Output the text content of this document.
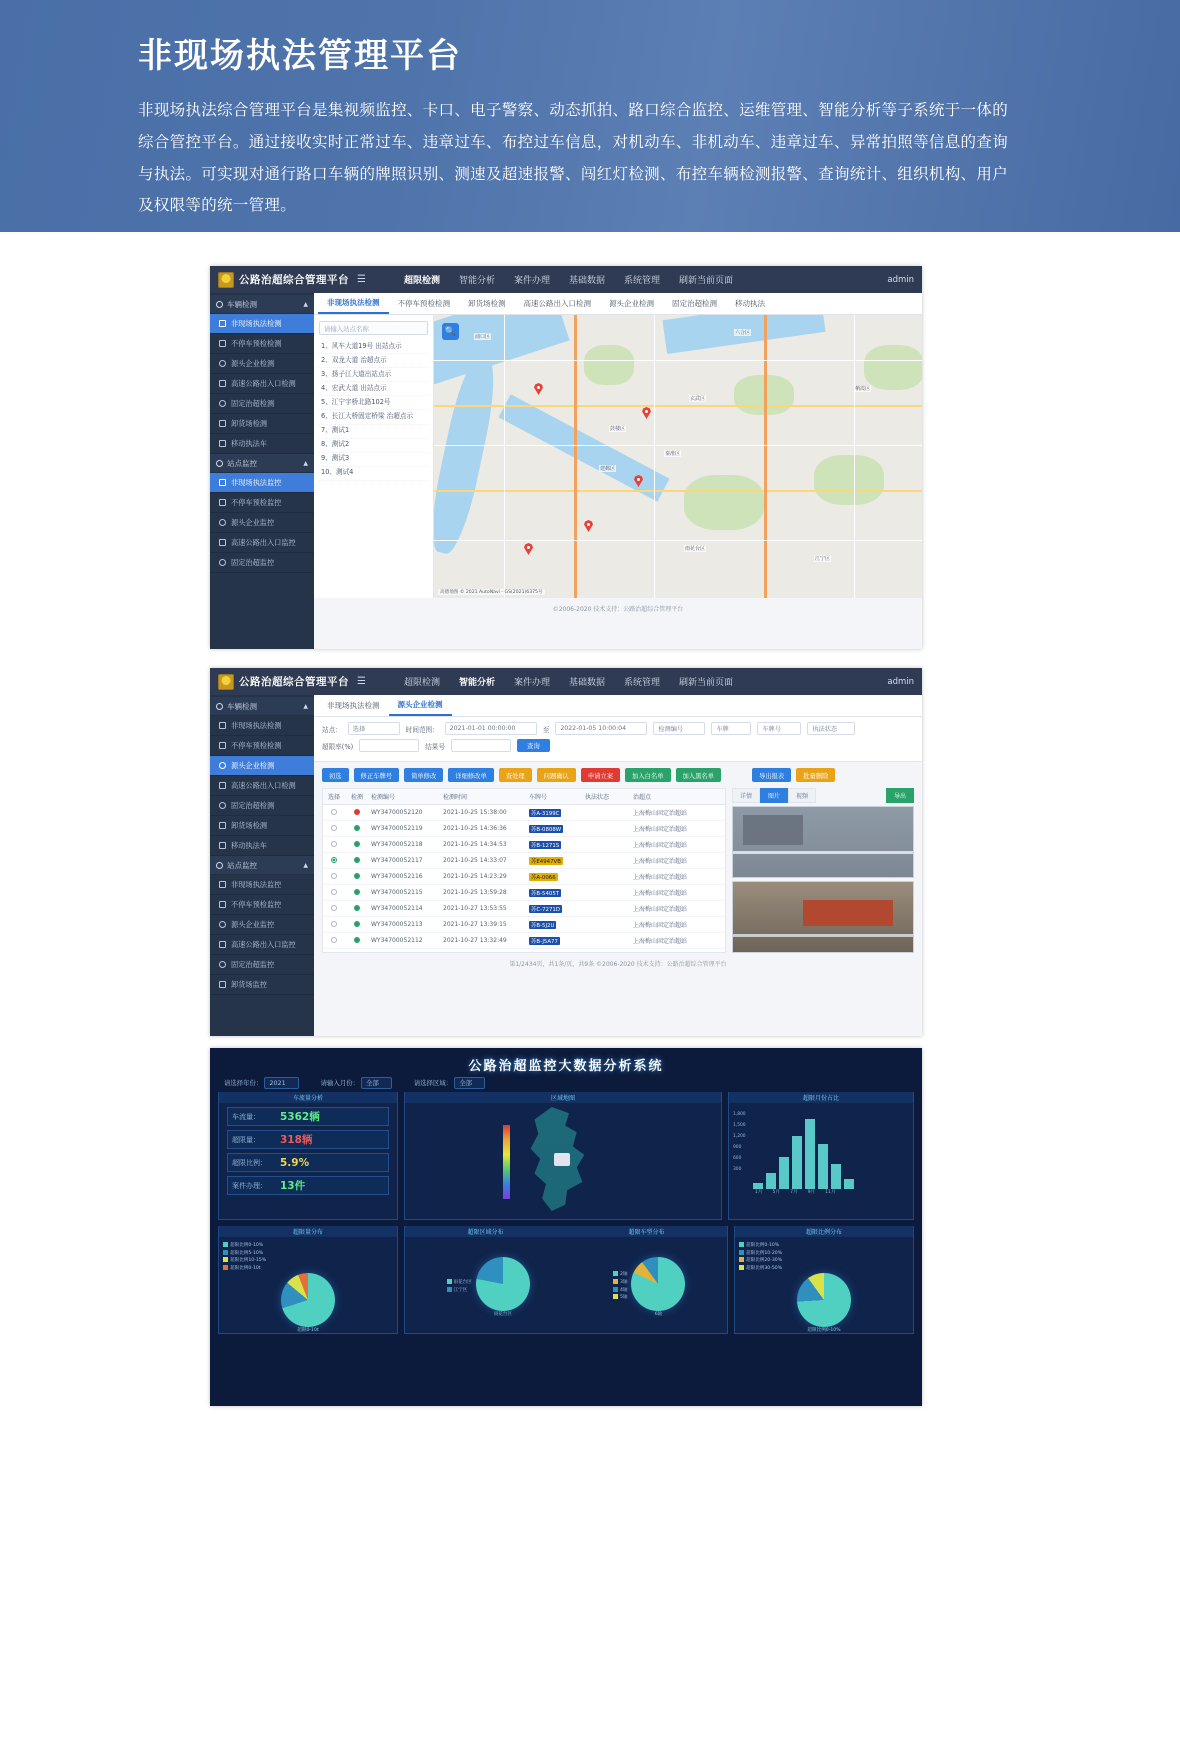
非现场执法管理平台

非现场执法综合管理平台是集视频监控、卡口、电子警察、动态抓拍、路口综合监控、运维管理、智能分析等子系统于一体的综合管控平台。通过接收实时正常过车、违章过车、布控过车信息，对机动车、非机动车、违章过车、异常拍照等信息的查询与执法。可实现对通行路口车辆的牌照识别、测速及超速报警、闯红灯检测、布控车辆检测报警、查询统计、组织机构、用户及权限等的统一管理。

公路治超综合管理平台 ☰	超限检测 智能分析 案件办理 基础数据 系统管理 刷新当前页面	admin
车辆检测	▲
非现场执法检测
不停车预检检测
源头企业检测
高速公路出入口检测
固定治超检测
卸货场检测
移动执法车
站点监控	▲
非现场执法监控
不停车预检监控
源头企业监控
高速公路出入口监控
固定治超监控
非现场执法检测	不停车预检检测	卸货场检测	高速公路出入口检测	源头企业检测	固定治超检测	移动执法
请输入站点名称
1、风车大道19号 出站点示
2、双龙大道 治超点示
3、扬子江大道出站点示
4、宏武大道 出站点示
5、江宁宇桥北路102号
6、长江大桥固定桥梁 治超点示
7、测试1
8、测试2
9、测试3
10、测试4
浦口区
六合区
栖霞区
雨花台区
江宁区
鼓楼区
玄武区
建邺区
秦淮区
🔍
高德地图 © 2021 AutoNavi - GS(2021)6375号
©2006-2020 技术支持：公路治超综合管理平台
公路治超综合管理平台 ☰	超限检测 智能分析 案件办理 基础数据 系统管理 刷新当前页面	admin
车辆检测	▲
非现场执法检测
不停车预检检测
源头企业检测
高速公路出入口检测
固定治超检测
卸货场检测
移动执法车
站点监控	▲
非现场执法监控
不停车预检监控
源头企业监控
高速公路出入口监控
固定治超监控
卸货场监控
非现场执法检测	源头企业检测
站点：	选择	时间范围：	2021-01-01 00:00:00	至	2022-01-05 10:00:04	检测编号	车牌	车牌号	执法状态
超限率(%)	结果号	查询
初选	修正车牌号	简单修改	详细修改单	查处理	问题确认	申请立案	加入白名单	加入黑名单	导出报表	批量删除
选择	检测	检测编号	检测时间	车牌号	执法状态	治超点
WY34700052120	2021-10-25 15:38:00	苏A-3199C	上海梅山固定治超站
WY34700052119	2021-10-25 14:36:36	苏B-0808W	上海梅山固定治超站
WY34700052118	2021-10-25 14:34:53	苏B-1271S	上海梅山固定治超站
WY34700052117	2021-10-25 14:33:07	苏E4947VB	上海梅山固定治超站
WY34700052116	2021-10-25 14:23:29	苏A-0066	上海梅山固定治超站
WY34700052115	2021-10-25 13:59:28	苏B-5405T	上海梅山固定治超站
WY34700052114	2021-10-27 13:53:55	苏C-7271D	上海梅山固定治超站
WY34700052113	2021-10-27 13:39:15	苏B-5J2U	上海梅山固定治超站
WY34700052112	2021-10-27 13:32:49	苏B-J5A77	上海梅山固定治超站
详情	图片	视频	导出
第1/2434页，共1条/页，共9条 ©2006-2020 技术支持：公路治超综合管理平台
公路治超监控大数据分析系统
请选择年份： 2021	请输入月份： 全部	请选择区域： 全部
车流量分析
车流量：	5362辆
超限量：	318辆
超限比例：	5.9%
案件办理：	13件
区域地图	超限月份占比
1,800
1,500
1,200
900
600
300
1月 5月 7月 9月 11月
超限量分布
超限比例0-10%
超限比例5-10%
超限比例10-15%
超限比例0-10t
超限0-10t
超限区域分布	超限车型分布
雨花台区
江宁区
雨花台区
2轴
3轴
4轴
5轴
6轴
超限比例分布
超限比例0-10%
超限比例10-20%
超限比例20-30%
超限比例30-50%
超限比例0-10%
